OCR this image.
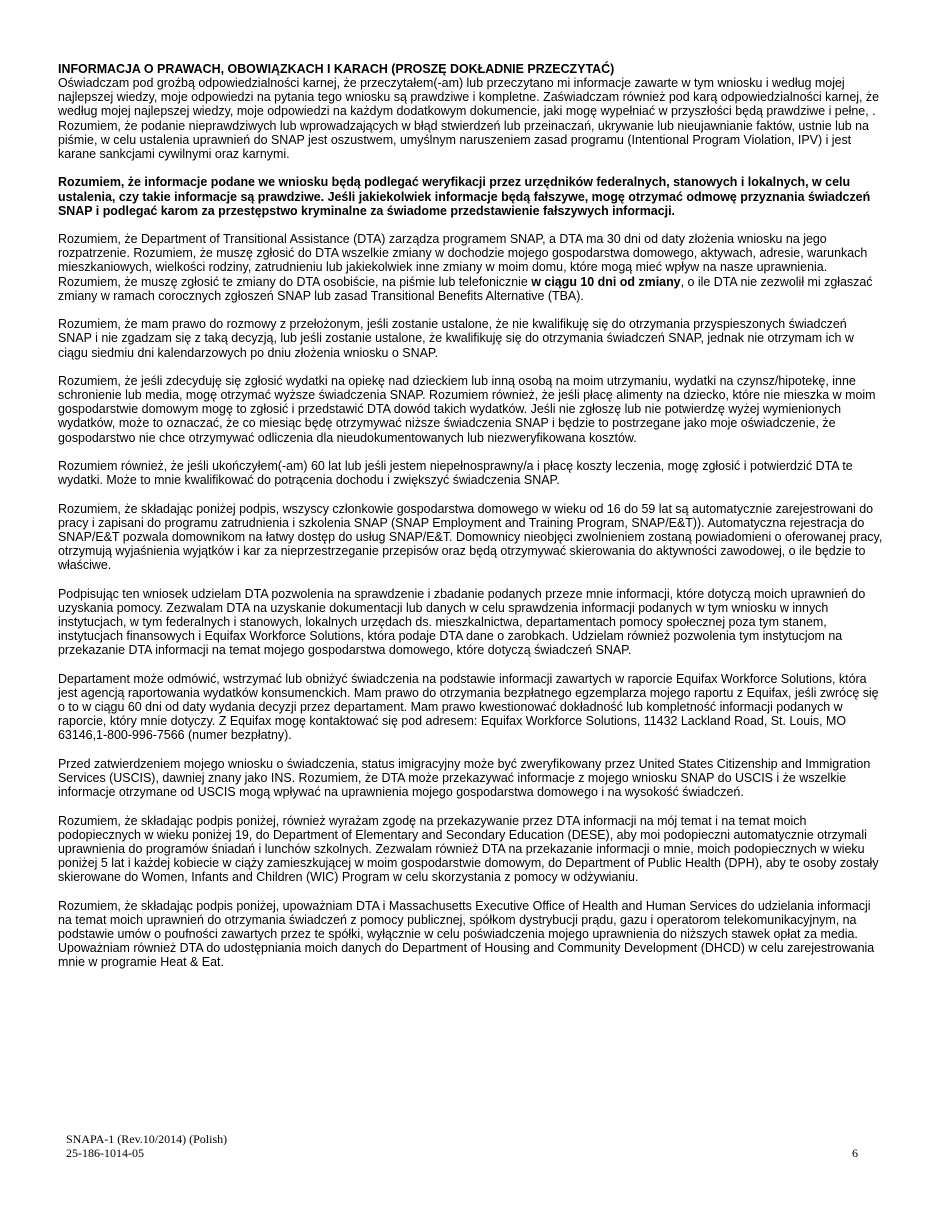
INFORMACJA O PRAWACH, OBOWIĄZKACH I KARACH (PROSZĘ DOKŁADNIE PRZECZYTAĆ)

Oświadczam pod groźbą odpowiedzialności karnej, że przeczytałem(-am) lub przeczytano mi informacje zawarte w tym wniosku i według mojej najlepszej wiedzy, moje odpowiedzi na pytania tego wniosku są prawdziwe i kompletne. Zaświadczam również pod karą odpowiedzialności karnej, że według mojej najlepszej wiedzy, moje odpowiedzi na każdym dodatkowym dokumencie, jaki mogę wypełniać w przyszłości będą prawdziwe i pełne, . Rozumiem, że podanie nieprawdziwych lub wprowadzających w błąd stwierdzeń lub przeinaczań, ukrywanie lub nieujawnianie faktów, ustnie lub na piśmie, w celu ustalenia uprawnień do SNAP jest oszustwem, umyślnym naruszeniem zasad programu (Intentional Program Violation, IPV) i jest karane sankcjami cywilnymi oraz karnymi.

Rozumiem, że informacje podane we wniosku będą podlegać weryfikacji przez urzędników federalnych, stanowych i lokalnych, w celu ustalenia, czy takie informacje są prawdziwe. Jeśli jakiekolwiek informacje będą fałszywe, mogę otrzymać odmowę przyznania świadczeń SNAP i podlegać karom za przestępstwo kryminalne za świadome przedstawienie fałszywych informacji.

Rozumiem, że Department of Transitional Assistance (DTA) zarządza programem SNAP, a DTA ma 30 dni od daty złożenia wniosku na jego rozpatrzenie. Rozumiem, że muszę zgłosić do DTA wszelkie zmiany w dochodzie mojego gospodarstwa domowego, aktywach, adresie, warunkach mieszkaniowych, wielkości rodziny, zatrudnieniu lub jakiekolwiek inne zmiany w moim domu, które mogą mieć wpływ na nasze uprawnienia. Rozumiem, że muszę zgłosić te zmiany do DTA osobiście, na piśmie lub telefonicznie w ciągu 10 dni od zmiany, o ile DTA nie zezwolił mi zgłaszać zmiany w ramach corocznych zgłoszeń SNAP lub zasad Transitional Benefits Alternative (TBA).

Rozumiem, że mam prawo do rozmowy z przełożonym, jeśli zostanie ustalone, że nie kwalifikuję się do otrzymania przyspieszonych świadczeń SNAP i nie zgadzam się z taką decyzją, lub jeśli zostanie ustalone, że kwalifikuję się do otrzymania świadczeń SNAP, jednak nie otrzymam ich w ciągu siedmiu dni kalendarzowych po dniu złożenia wniosku o SNAP.

Rozumiem, że jeśli zdecyduję się zgłosić wydatki na opiekę nad dzieckiem lub inną osobą na moim utrzymaniu, wydatki na czynsz/hipotekę, inne schronienie lub media, mogę otrzymać wyższe świadczenia SNAP. Rozumiem również, że jeśli płacę alimenty na dziecko, które nie mieszka w moim gospodarstwie domowym mogę to zgłosić i przedstawić DTA dowód takich wydatków. Jeśli nie zgłoszę lub nie potwierdzę wyżej wymienionych wydatków, może to oznaczać, że co miesiąc będę otrzymywać niższe świadczenia SNAP i będzie to postrzegane jako moje oświadczenie, że gospodarstwo nie chce otrzymywać odliczenia dla nieudokumentowanych lub niezweryfikowana kosztów.

Rozumiem również, że jeśli ukończyłem(-am) 60 lat lub jeśli jestem niepełnosprawny/a i płacę koszty leczenia, mogę zgłosić i potwierdzić DTA te wydatki. Może to mnie kwalifikować do potrącenia dochodu i zwiększyć świadczenia SNAP.

Rozumiem, że składając poniżej podpis, wszyscy członkowie gospodarstwa domowego w wieku od 16 do 59 lat są automatycznie zarejestrowani do pracy i zapisani do programu zatrudnienia i szkolenia SNAP (SNAP Employment and Training Program, SNAP/E&T)). Automatyczna rejestracja do SNAP/E&T pozwala domownikom na łatwy dostęp do usług SNAP/E&T. Domownicy nieobjęci zwolnieniem zostaną powiadomieni o oferowanej pracy, otrzymują wyjaśnienia wyjątków i kar za nieprzestrzeganie przepisów oraz będą otrzymywać skierowania do aktywności zawodowej, o ile będzie to właściwe.

Podpisując ten wniosek udzielam DTA pozwolenia na sprawdzenie i zbadanie podanych przeze mnie informacji, które dotyczą moich uprawnień do uzyskania pomocy. Zezwalam DTA na uzyskanie dokumentacji lub danych w celu sprawdzenia informacji podanych w tym wniosku w innych instytucjach, w tym federalnych i stanowych, lokalnych urzędach ds. mieszkalnictwa, departamentach pomocy społecznej poza tym stanem, instytucjach finansowych i Equifax Workforce Solutions, która podaje DTA dane o zarobkach. Udzielam również pozwolenia tym instytucjom na przekazanie DTA informacji na temat mojego gospodarstwa domowego, które dotyczą świadczeń SNAP.

Departament może odmówić, wstrzymać lub obniżyć świadczenia na podstawie informacji zawartych w raporcie Equifax Workforce Solutions, która jest agencją raportowania wydatków konsumenckich. Mam prawo do otrzymania bezpłatnego egzemplarza mojego raportu z Equifax, jeśli zwrócę się o to w ciągu 60 dni od daty wydania decyzji przez departament. Mam prawo kwestionować dokładność lub kompletność informacji podanych w raporcie, który mnie dotyczy. Z Equifax mogę kontaktować się pod adresem: Equifax Workforce Solutions, 11432 Lackland Road, St. Louis, MO 63146,1-800-996-7566 (numer bezpłatny).

Przed zatwierdzeniem mojego wniosku o świadczenia, status imigracyjny może być zweryfikowany przez United States Citizenship and Immigration Services (USCIS), dawniej znany jako INS. Rozumiem, że DTA może przekazywać informacje z mojego wniosku SNAP do USCIS i że wszelkie informacje otrzymane od USCIS mogą wpływać na uprawnienia mojego gospodarstwa domowego i na wysokość świadczeń.

Rozumiem, że składając podpis poniżej, również wyrażam zgodę na przekazywanie przez DTA informacji na mój temat i na temat moich podopiecznych w wieku poniżej 19, do Department of Elementary and Secondary Education (DESE), aby moi podopieczni automatycznie otrzymali uprawnienia do programów śniadań i lunchów szkolnych. Zezwalam również DTA na przekazanie informacji o mnie, moich podopiecznych w wieku poniżej 5 lat i każdej kobiecie w ciąży zamieszkującej w moim gospodarstwie domowym, do Department of Public Health (DPH), aby te osoby zostały skierowane do Women, Infants and Children (WIC) Program w celu skorzystania z pomocy w odżywianiu.

Rozumiem, że składając podpis poniżej, upoważniam DTA i Massachusetts Executive Office of Health and Human Services do udzielania informacji na temat moich uprawnień do otrzymania świadczeń z pomocy publicznej, spółkom dystrybucji prądu, gazu i operatorom telekomunikacyjnym, na podstawie umów o poufności zawartych przez te spółki, wyłącznie w celu poświadczenia mojego uprawnienia do niższych stawek opłat za media. Upoważniam również DTA do udostępniania moich danych do Department of Housing and Community Development (DHCD) w celu zarejestrowania mnie w programie Heat & Eat.

SNAPA-1 (Rev.10/2014) (Polish)
25-186-1014-05	6
